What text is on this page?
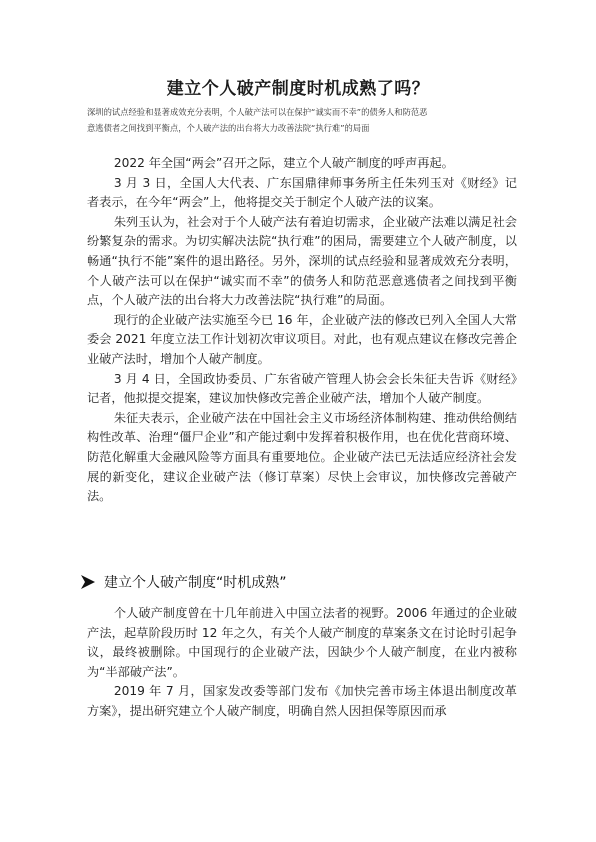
建立个人破产制度时机成熟了吗？
深圳的试点经验和显著成效充分表明，个人破产法可以在保护“诚实而不幸”的债务人和防范恶
意逃债者之间找到平衡点，个人破产法的出台将大力改善法院“执行难”的局面

2022 年全国“两会”召开之际，建立个人破产制度的呼声再起。

3 月 3 日，全国人大代表、广东国鼎律师事务所主任朱列玉对《财经》记者表示，在今年“两会”上，他将提交关于制定个人破产法的议案。

朱列玉认为，社会对于个人破产法有着迫切需求，企业破产法难以满足社会纷繁复杂的需求。为切实解决法院“执行难”的困局，需要建立个人破产制度，以畅通“执行不能”案件的退出路径。另外，深圳的试点经验和显著成效充分表明，个人破产法可以在保护“诚实而不幸”的债务人和防范恶意逃债者之间找到平衡点，个人破产法的出台将大力改善法院“执行难”的局面。

现行的企业破产法实施至今已 16 年，企业破产法的修改已列入全国人大常委会 2021 年度立法工作计划初次审议项目。对此，也有观点建议在修改完善企业破产法时，增加个人破产制度。

3 月 4 日，全国政协委员、广东省破产管理人协会会长朱征夫告诉《财经》记者，他拟提交提案，建议加快修改完善企业破产法，增加个人破产制度。

朱征夫表示，企业破产法在中国社会主义市场经济体制构建、推动供给侧结构性改革、治理“僵尸企业”和产能过剩中发挥着积极作用，也在优化营商环境、防范化解重大金融风险等方面具有重要地位。企业破产法已无法适应经济社会发展的新变化，建议企业破产法（修订草案）尽快上会审议，加快修改完善破产法。

建立个人破产制度“时机成熟”

个人破产制度曾在十几年前进入中国立法者的视野。2006 年通过的企业破产法，起草阶段历时 12 年之久，有关个人破产制度的草案条文在讨论时引起争议，最终被删除。中国现行的企业破产法，因缺少个人破产制度，在业内被称为“半部破产法”。

2019 年 7 月，国家发改委等部门发布《加快完善市场主体退出制度改革方案》，提出研究建立个人破产制度，明确自然人因担保等原因而承
